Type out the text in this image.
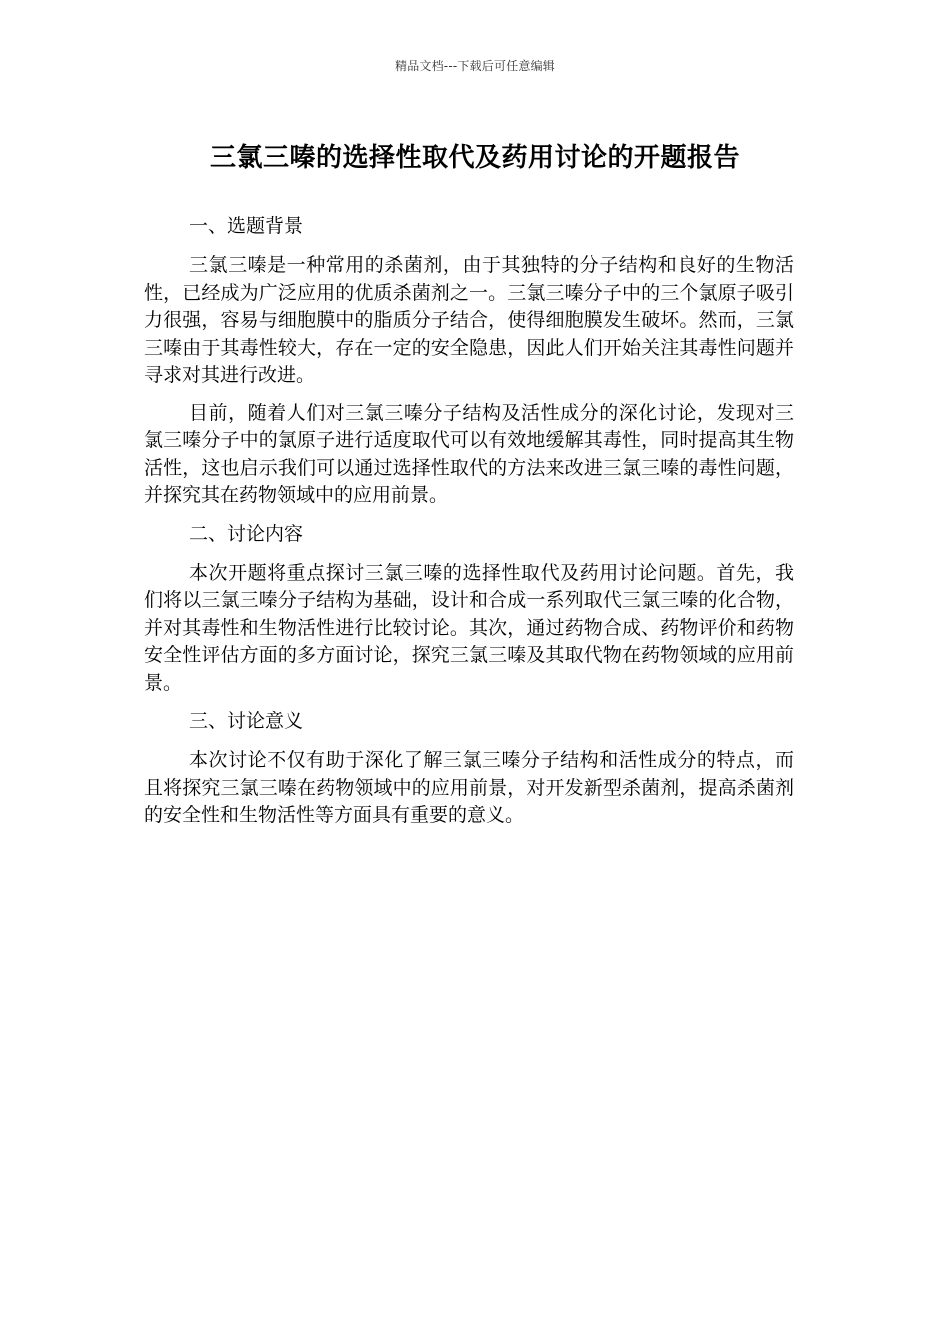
精品文档---下载后可任意编辑
三氯三嗪的选择性取代及药用讨论的开题报告
一、选题背景

三氯三嗪是一种常用的杀菌剂，由于其独特的分子结构和良好的生物活性，已经成为广泛应用的优质杀菌剂之一。三氯三嗪分子中的三个氯原子吸引力很强，容易与细胞膜中的脂质分子结合，使得细胞膜发生破坏。然而，三氯三嗪由于其毒性较大，存在一定的安全隐患，因此人们开始关注其毒性问题并寻求对其进行改进。

目前，随着人们对三氯三嗪分子结构及活性成分的深化讨论，发现对三氯三嗪分子中的氯原子进行适度取代可以有效地缓解其毒性，同时提高其生物活性，这也启示我们可以通过选择性取代的方法来改进三氯三嗪的毒性问题，并探究其在药物领域中的应用前景。

二、讨论内容

本次开题将重点探讨三氯三嗪的选择性取代及药用讨论问题。首先，我们将以三氯三嗪分子结构为基础，设计和合成一系列取代三氯三嗪的化合物，并对其毒性和生物活性进行比较讨论。其次，通过药物合成、药物评价和药物安全性评估方面的多方面讨论，探究三氯三嗪及其取代物在药物领域的应用前景。

三、讨论意义

本次讨论不仅有助于深化了解三氯三嗪分子结构和活性成分的特点，而且将探究三氯三嗪在药物领域中的应用前景，对开发新型杀菌剂，提高杀菌剂的安全性和生物活性等方面具有重要的意义。
